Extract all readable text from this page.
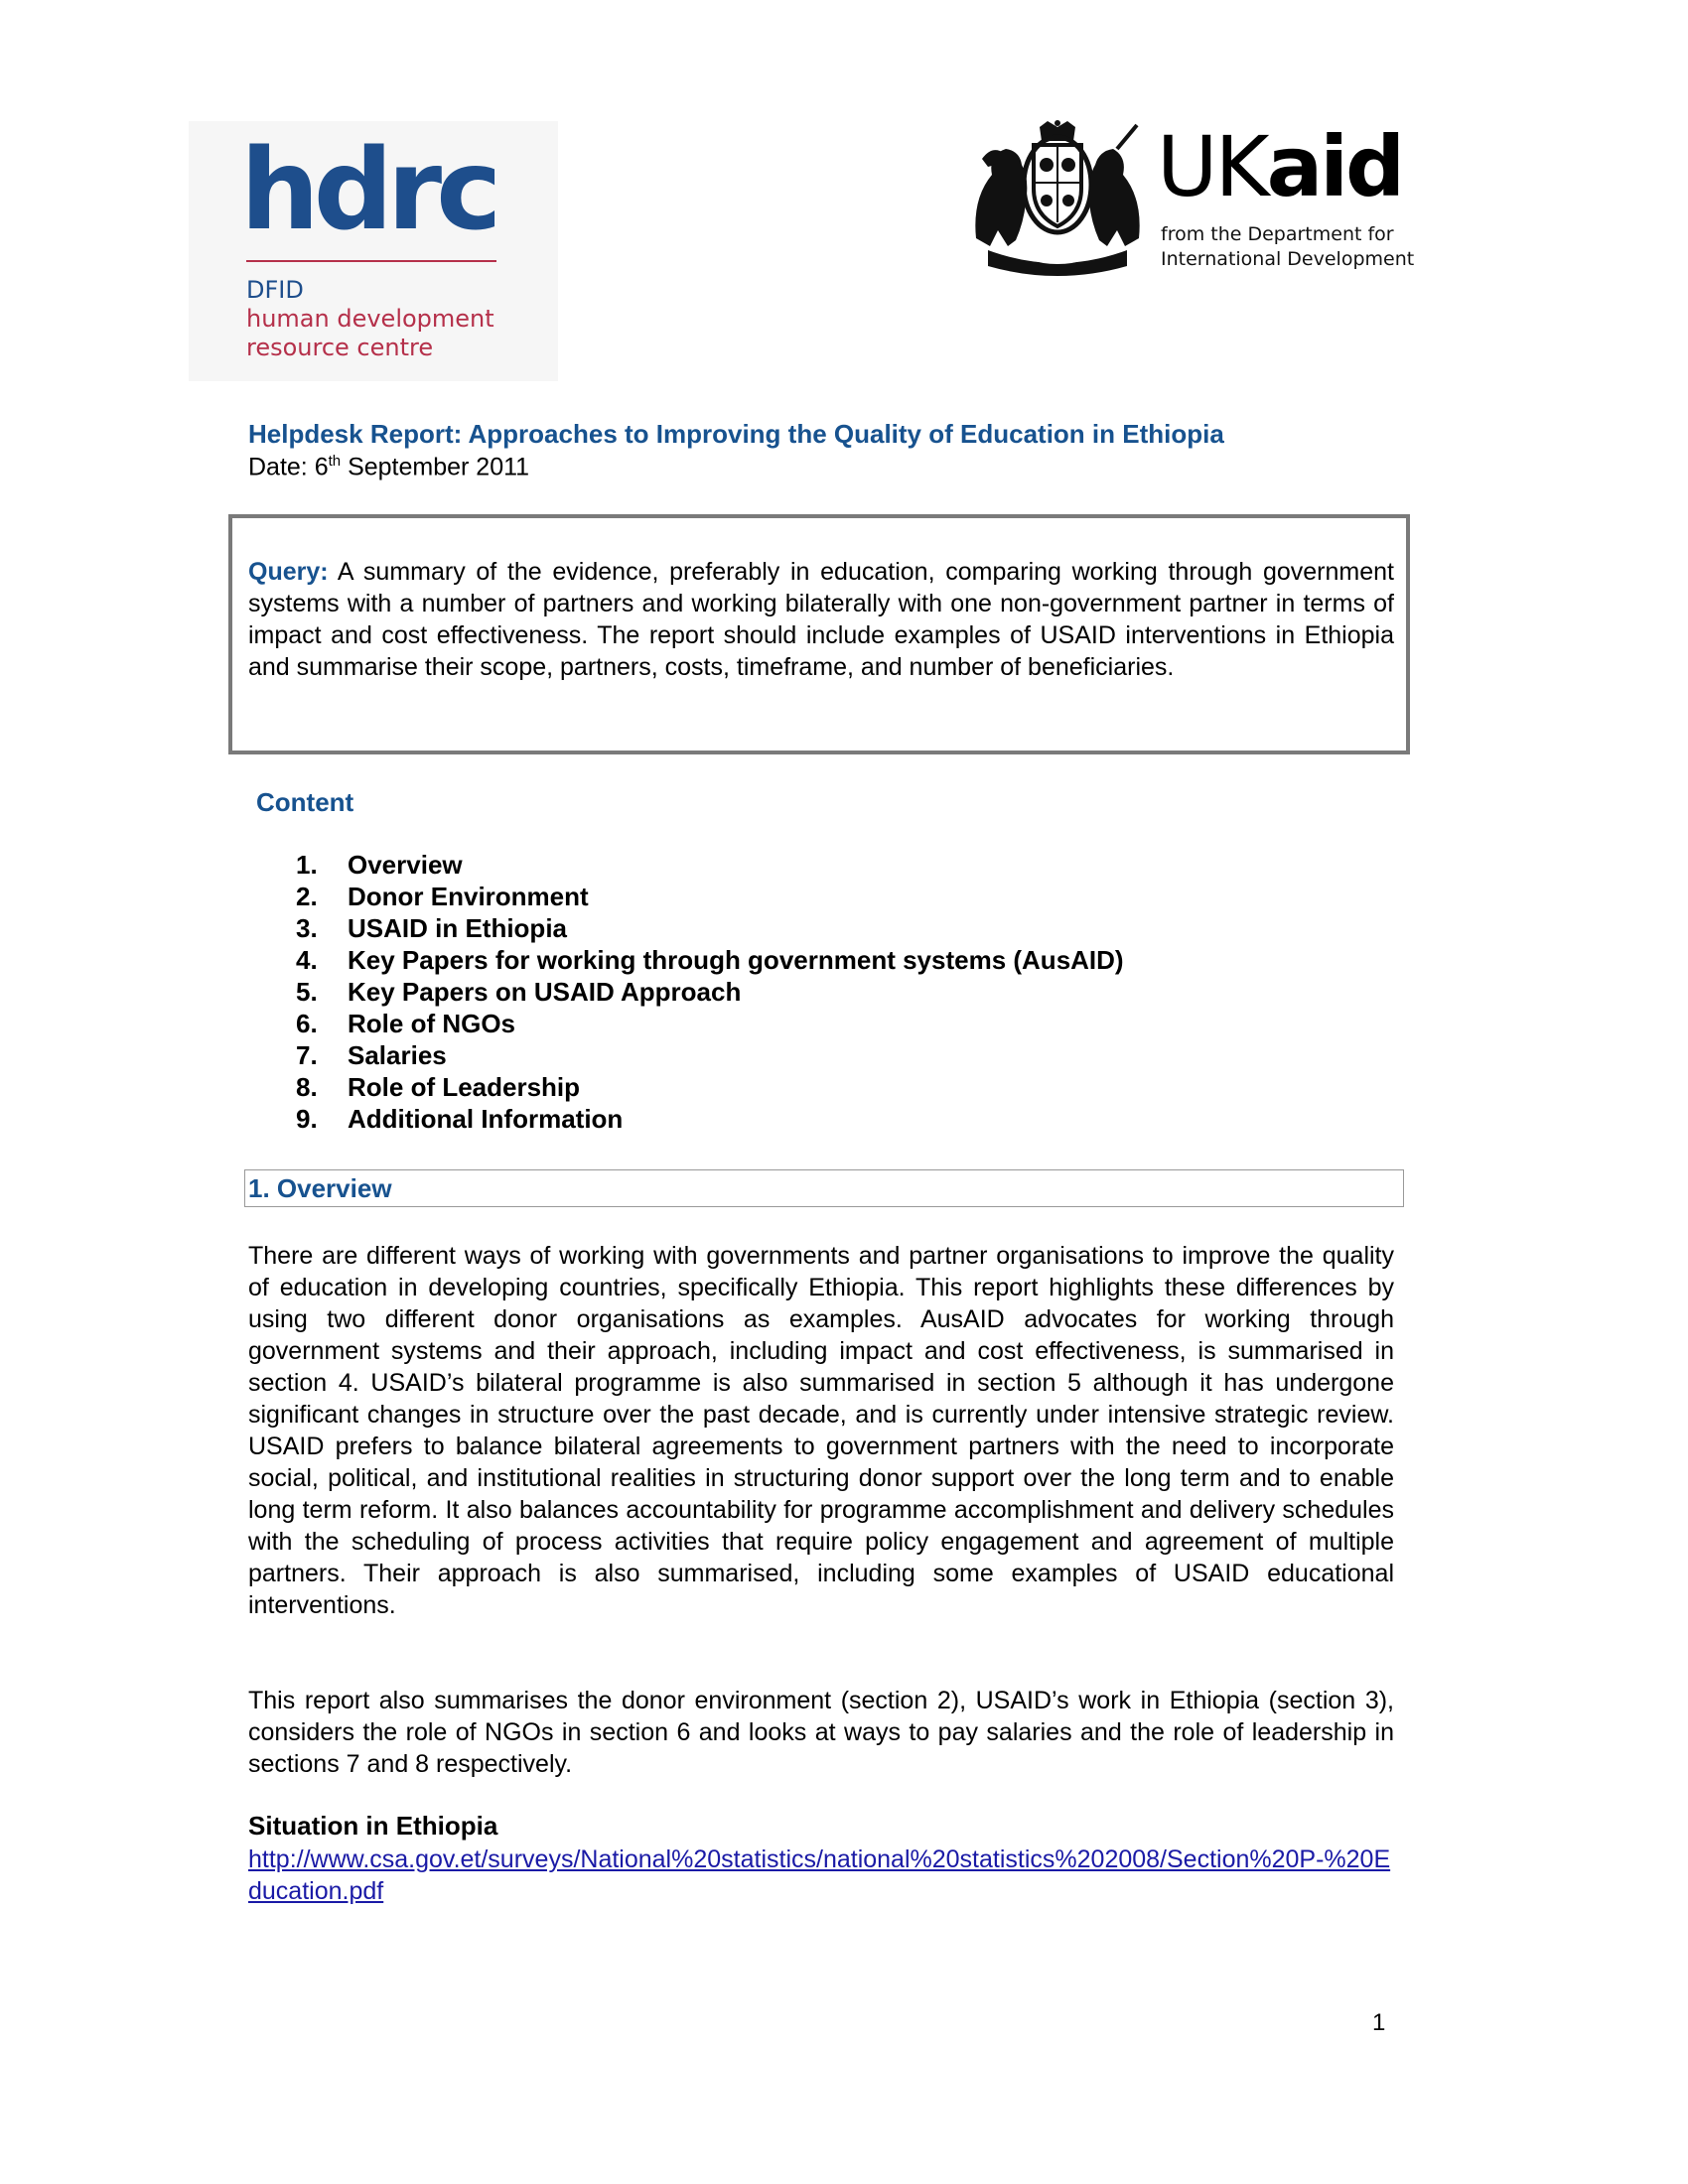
hdrc
DFID
human development
resource centre
UKaid
from the Department for
International Development
Helpdesk Report: Approaches to Improving the Quality of Education in Ethiopia
Date: 6th September 2011
Query: A summary of the evidence, preferably in education, comparing working through government systems with a number of partners and working bilaterally with one non-government partner in terms of impact and cost effectiveness. The report should include examples of USAID interventions in Ethiopia and summarise their scope, partners, costs, timeframe, and number of beneficiaries.
Content
1. Overview
2. Donor Environment
3. USAID in Ethiopia
4. Key Papers for working through government systems (AusAID)
5. Key Papers on USAID Approach
6. Role of NGOs
7. Salaries
8. Role of Leadership
9. Additional Information
1. Overview

There are different ways of working with governments and partner organisations to improve the quality of education in developing countries, specifically Ethiopia. This report highlights these differences by using two different donor organisations as examples. AusAID advocates for working through government systems and their approach, including impact and cost effectiveness, is summarised in section 4. USAID’s bilateral programme is also summarised in section 5 although it has undergone significant changes in structure over the past decade, and is currently under intensive strategic review. USAID prefers to balance bilateral agreements to government partners with the need to incorporate social, political, and institutional realities in structuring donor support over the long term and to enable long term reform. It also balances accountability for programme accomplishment and delivery schedules with the scheduling of process activities that require policy engagement and agreement of multiple partners. Their approach is also summarised, including some examples of USAID educational interventions.

This report also summarises the donor environment (section 2), USAID’s work in Ethiopia (section 3), considers the role of NGOs in section 6 and looks at ways to pay salaries and the role of leadership in sections 7 and 8 respectively.

Situation in Ethiopia
http://www.csa.gov.et/surveys/National%20statistics/national%20statistics%202008/Section%20P-%20Education.pdf
1
